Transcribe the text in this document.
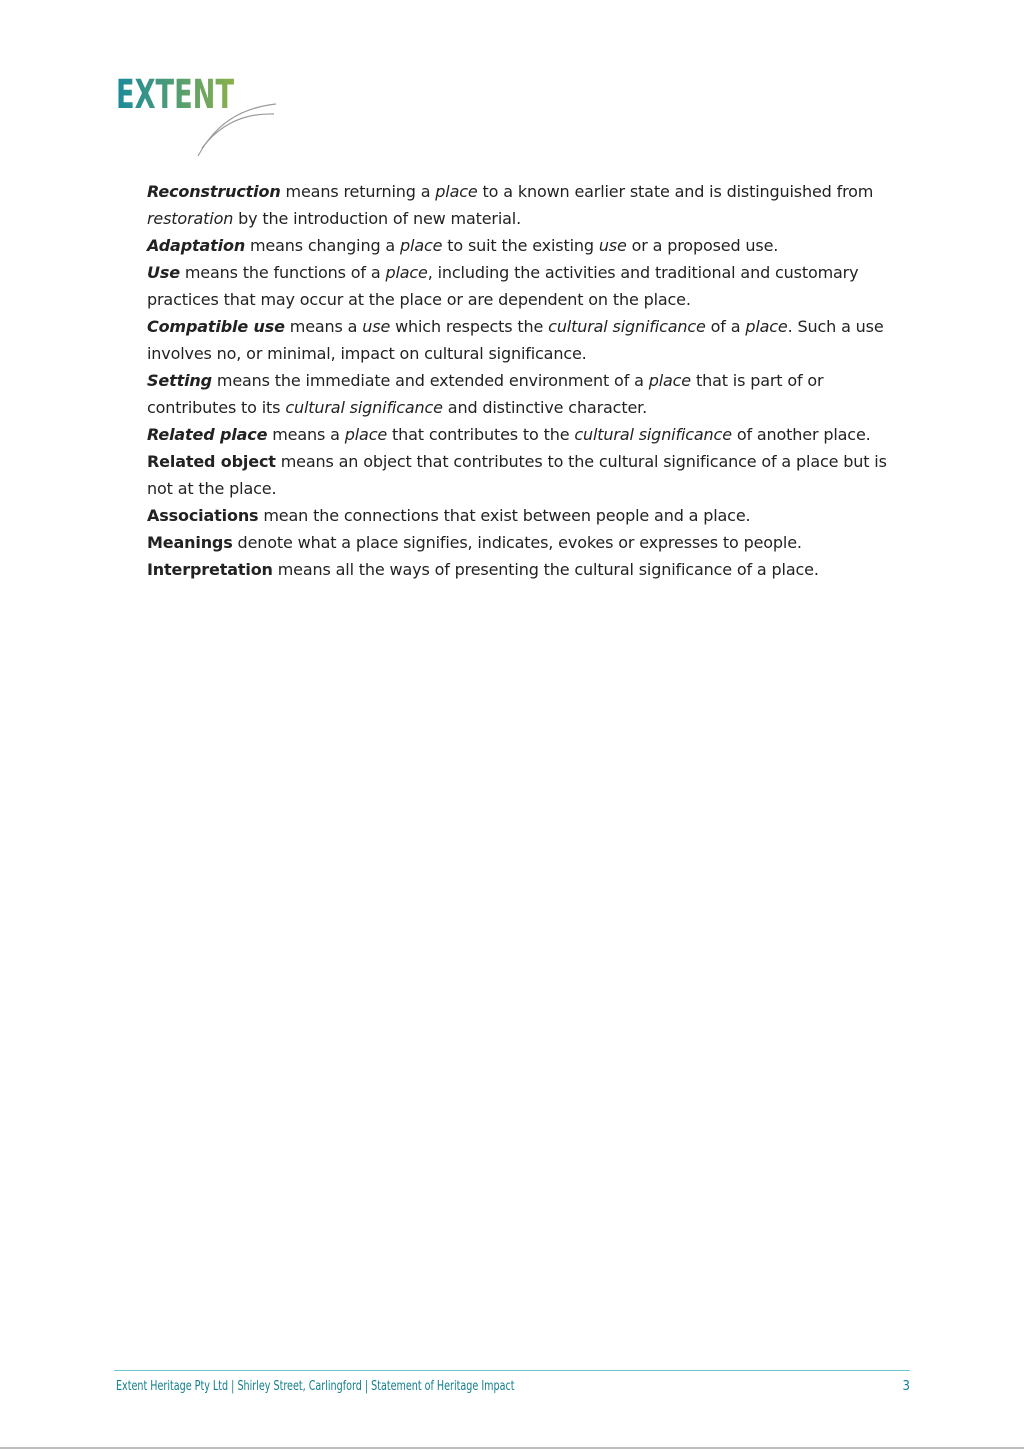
EXTENT

Reconstruction means returning a place to a known earlier state and is distinguished from restoration by the introduction of new material.

Adaptation means changing a place to suit the existing use or a proposed use.

Use means the functions of a place, including the activities and traditional and customary practices that may occur at the place or are dependent on the place.

Compatible use means a use which respects the cultural significance of a place. Such a use involves no, or minimal, impact on cultural significance.

Setting means the immediate and extended environment of a place that is part of or contributes to its cultural significance and distinctive character.

Related place means a place that contributes to the cultural significance of another place.

Related object means an object that contributes to the cultural significance of a place but is not at the place.

Associations mean the connections that exist between people and a place.

Meanings denote what a place signifies, indicates, evokes or expresses to people.

Interpretation means all the ways of presenting the cultural significance of a place.

Extent Heritage Pty Ltd | Shirley Street, Carlingford | Statement of Heritage Impact	3
